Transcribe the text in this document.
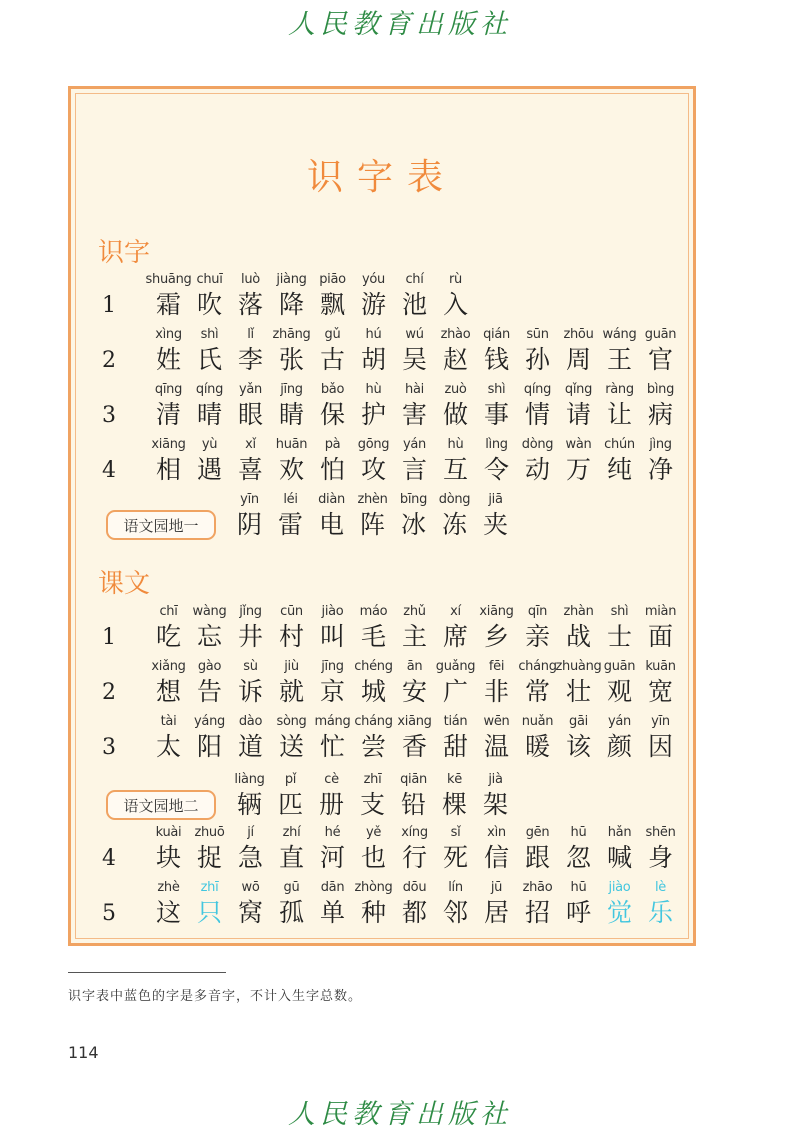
人民教育出版社
识字表
识字
1
shuāng
霜
chuī
吹
luò
落
jiàng
降
piāo
飘
yóu
游
chí
池
rù
入
2
xìng
姓
shì
氏
lǐ
李
zhāng
张
gǔ
古
hú
胡
wú
吴
zhào
赵
qián
钱
sūn
孙
zhōu
周
wáng
王
guān
官
3
qīng
清
qíng
晴
yǎn
眼
jīng
睛
bǎo
保
hù
护
hài
害
zuò
做
shì
事
qíng
情
qǐng
请
ràng
让
bìng
病
4
xiāng
相
yù
遇
xǐ
喜
huān
欢
pà
怕
gōng
攻
yán
言
hù
互
lìng
令
dòng
动
wàn
万
chún
纯
jìng
净
语文园地一
yīn
阴
léi
雷
diàn
电
zhèn
阵
bīng
冰
dòng
冻
jiā
夹
课文
1
chī
吃
wàng
忘
jǐng
井
cūn
村
jiào
叫
máo
毛
zhǔ
主
xí
席
xiāng
乡
qīn
亲
zhàn
战
shì
士
miàn
面
2
xiǎng
想
gào
告
sù
诉
jiù
就
jīng
京
chéng
城
ān
安
guǎng
广
fēi
非
cháng
常
zhuàng
壮
guān
观
kuān
宽
3
tài
太
yáng
阳
dào
道
sòng
送
máng
忙
cháng
尝
xiāng
香
tián
甜
wēn
温
nuǎn
暖
gāi
该
yán
颜
yīn
因
语文园地二
liàng
辆
pǐ
匹
cè
册
zhī
支
qiān
铅
kē
棵
jià
架
4
kuài
块
zhuō
捉
jí
急
zhí
直
hé
河
yě
也
xíng
行
sǐ
死
xìn
信
gēn
跟
hū
忽
hǎn
喊
shēn
身
5
zhè
这
zhī
只
wō
窝
gū
孤
dān
单
zhòng
种
dōu
都
lín
邻
jū
居
zhāo
招
hū
呼
jiào
觉
lè
乐
识字表中蓝色的字是多音字，不计入生字总数。
114
人民教育出版社
